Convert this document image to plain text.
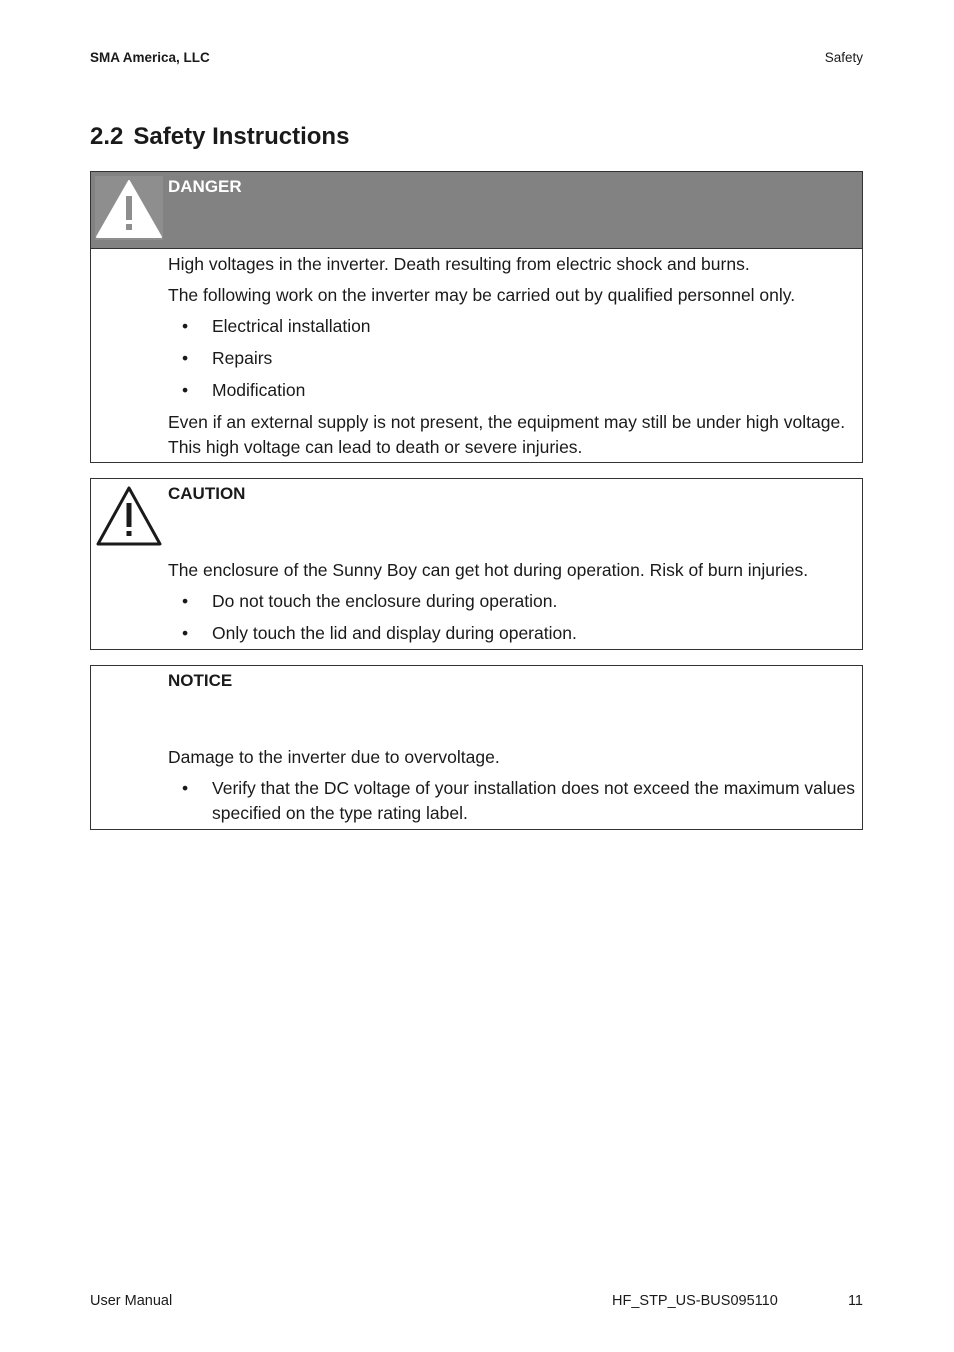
SMA America, LLC	Safety
2.2 Safety Instructions
DANGER

High voltages in the inverter. Death resulting from electric shock and burns.

The following work on the inverter may be carried out by qualified personnel only.

• Electrical installation
• Repairs
• Modification

Even if an external supply is not present, the equipment may still be under high voltage. This high voltage can lead to death or severe injuries.

CAUTION

The enclosure of the Sunny Boy can get hot during operation. Risk of burn injuries.

• Do not touch the enclosure during operation.
• Only touch the lid and display during operation.
NOTICE

Damage to the inverter due to overvoltage.

• Verify that the DC voltage of your installation does not exceed the maximum values specified on the type rating label.
User Manual	HF_STP_US-BUS095110	11
